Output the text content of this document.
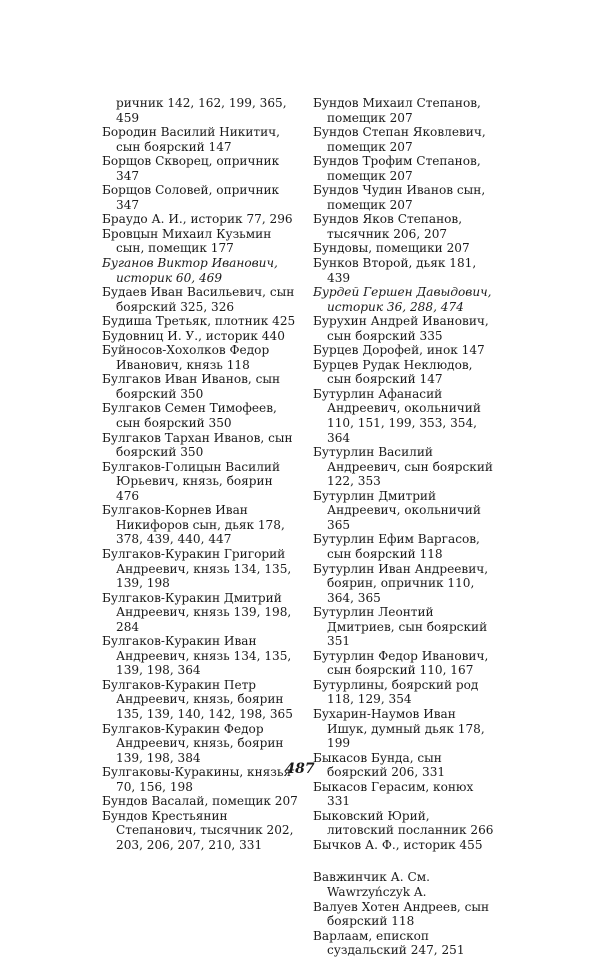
ричник 142, 162, 199, 365, 459
Бородин Василий Никитич, сын боярский 147
Борщов Скворец, опричник 347
Борщов Соловей, опричник 347
Браудо А. И., историк 77, 296
Бровцын Михаил Кузьмин сын, помещик 177
Буганов Виктор Иванович, историк 60, 469
Будаев Иван Васильевич, сын боярский 325, 326
Будиша Третьяк, плотник 425
Будовниц И. У., историк 440
Буйносов-Хохолков Федор Иванович, князь 118
Булгаков Иван Иванов, сын боярский 350
Булгаков Семен Тимофеев, сын боярский 350
Булгаков Тархан Иванов, сын боярский 350
Булгаков-Голицын Василий Юрьевич, князь, боярин 476
Булгаков-Корнев Иван Никифоров сын, дьяк 178, 378, 439, 440, 447
Булгаков-Куракин Григорий Андреевич, князь 134, 135, 139, 198
Булгаков-Куракин Дмитрий Андреевич, князь 139, 198, 284
Булгаков-Куракин Иван Андреевич, князь 134, 135, 139, 198, 364
Булгаков-Куракин Петр Андреевич, князь, боярин 135, 139, 140, 142, 198, 365
Булгаков-Куракин Федор Андреевич, князь, боярин 139, 198, 384
Булгаковы-Куракины, князья 70, 156, 198
Бундов Васалай, помещик 207
Бундов Крестьянин Степанович, тысячник 202, 203, 206, 207, 210, 331
Бундов Михаил Степанов, помещик 207
Бундов Степан Яковлевич, помещик 207
Бундов Трофим Степанов, помещик 207
Бундов Чудин Иванов сын, помещик 207
Бундов Яков Степанов, тысячник 206, 207
Бундовы, помещики 207
Бунков Второй, дьяк 181, 439
Бурдей Гершен Давыдович, историк 36, 288, 474
Бурухин Андрей Иванович, сын боярский 335
Бурцев Дорофей, инок 147
Бурцев Рудак Неклюдов, сын боярский 147
Бутурлин Афанасий Андреевич, окольничий 110, 151, 199, 353, 354, 364
Бутурлин Василий Андреевич, сын боярский 122, 353
Бутурлин Дмитрий Андреевич, окольничий 365
Бутурлин Ефим Варгасов, сын боярский 118
Бутурлин Иван Андреевич, боярин, опричник 110, 364, 365
Бутурлин Леонтий Дмитриев, сын боярский 351
Бутурлин Федор Иванович, сын боярский 110, 167
Бутурлины, боярский род 118, 129, 354
Бухарин-Наумов Иван Ишук, думный дьяк 178, 199
Быкасов Бунда, сын боярский 206, 331
Быкасов Герасим, конюх 331
Быковский Юрий, литовский посланник 266
Бычков А. Ф., историк 455
Вавжинчик А. См. Wawrzyńczyk A.
Валуев Хотен Андреев, сын боярский 118
Варлаам, епископ суздальский 247, 251
487
